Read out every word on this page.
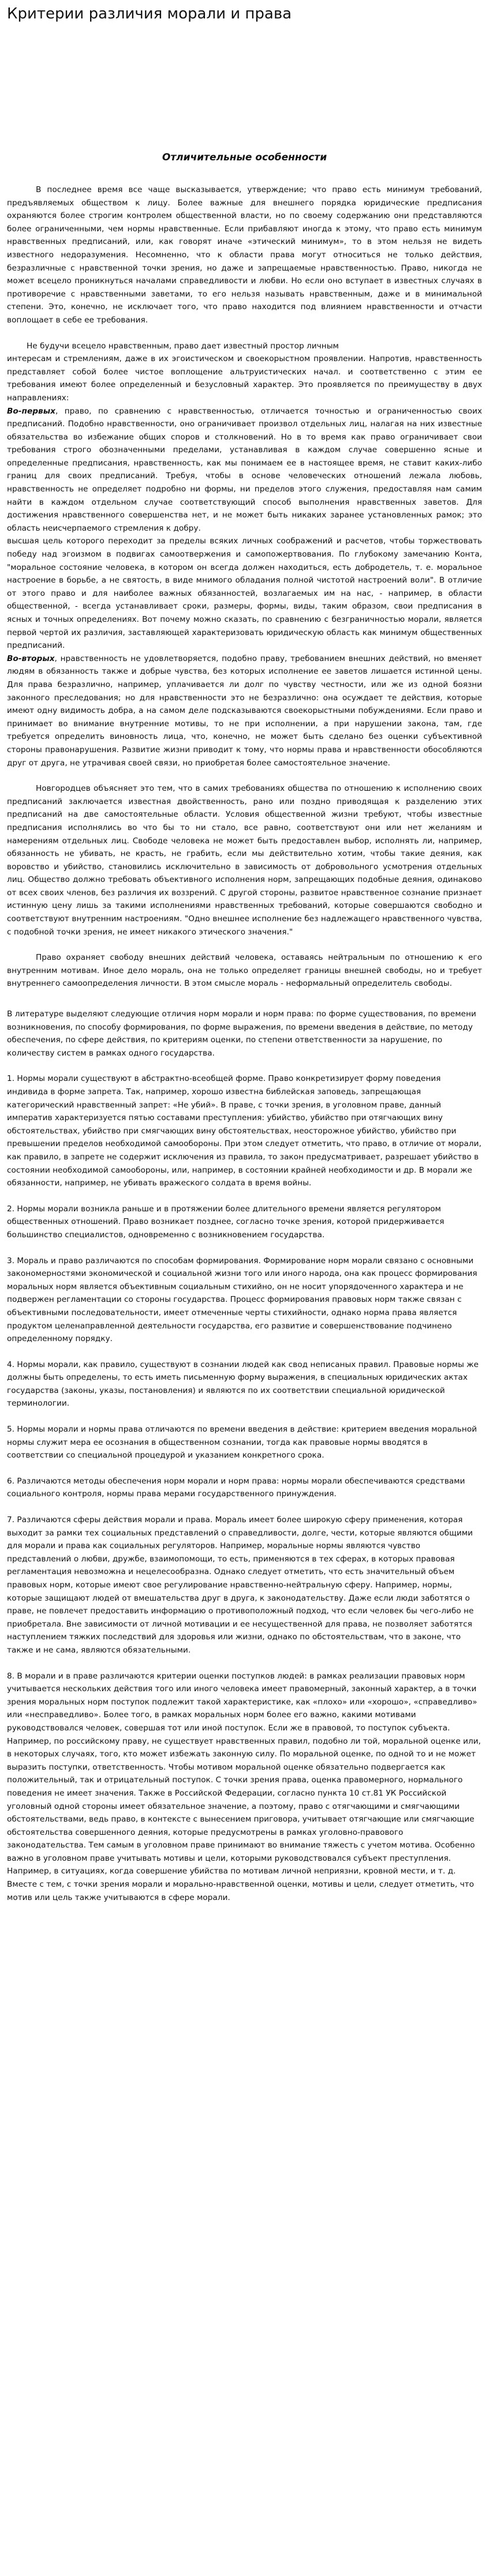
Критерии различия морали и права
Отличительные особенности

В последнее время все чаще высказывается, утверждение; что право есть минимум требований, предъявляемых обществом к лицу. Более важные для внешнего порядка юридические предписания охраняются более строгим контролем общественной власти, но по своему содержанию они представляются более ограниченными, чем нормы нравственные. Если прибавляют иногда к этому, что право есть минимум нравственных предписаний, или, как говорят иначе «этический минимум», то в этом нельзя не видеть известного недоразумения. Несомненно, что к области права могут относиться не только действия, безразличные с нравственной точки зрения, но даже и запрещаемые нравственностью. Право, никогда не может всецело проникнуться началами справедливости и любви. Но если оно вступает в известных случаях в противоречие с нравственными заветами, то его нельзя называть нравственным, даже и в минимальной степени. Это, конечно, не исключает того, что право находится под влиянием нравственности и отчасти воплощает в себе ее требования.

Не будучи всецело нравственным, право дает известный простор личным

интересам и стремлениям, даже в их эгоистическом и своекорыстном проявлении. Напротив, нравственность представляет собой более чистое воплощение альтруистических начал. и соответственно с этим ее требования имеют более определенный и безусловный характер. Это проявляется по преимуществу в двух направлениях:

Во-первых, право, по сравнению с нравственностью, отличается точностью и ограниченностью своих предписаний. Подобно нравственности, оно ограничивает произвол отдельных лиц, налагая на них известные обязательства во избежание общих споров и столкновений. Но в то время как право ограничивает свои требования строго обозначенными пределами, устанавливая в каждом случае совершенно ясные и определенные предписания, нравственность, как мы понимаем ее в настоящее время, не ставит каких-либо границ для своих предписаний. Требуя, чтобы в основе человеческих отношений лежала любовь, нравственность не определяет подробно ни формы, ни пределов этого служения, предоставляя нам самим найти в каждом отдельном случае соответствующий способ выполнения нравственных заветов. Для достижения нравственного совершенства нет, и не может быть никаких заранее установленных рамок; это область неисчерпаемого стремления к добру.

высшая цель которого переходит за пределы всяких личных соображений и расчетов, чтобы торжествовать победу над эгоизмом в подвигах самоотвержения и самопожертвования. По глубокому замечанию Конта, "моральное состояние человека, в котором он всегда должен находиться, есть добродетель, т. е. моральное настроение в борьбе, а не святость, в виде мнимого обладания полной чистотой настроений воли". В отличие от этого право и для наиболее важных обязанностей, возлагаемых им на нас, - например, в области общественной, - всегда устанавливает сроки, размеры, формы, виды, таким образом, свои предписания в ясных и точных определениях. Вот почему можно сказать, по сравнению с безграничностью морали, является первой чертой их различия, заставляющей характеризовать юридическую область как минимум общественных предписаний.

Во-вторых, нравственность не удовлетворяется, подобно праву, требованием внешних действий, но вменяет людям в обязанность также и добрые чувства, без которых исполнение ее заветов лишается истинной цены. Для права безразлично, например, уплачивается ли долг по чувству честности, или же из одной боязни законного преследования; но для нравственности это не безразлично: она осуждает те действия, которые имеют одну видимость добра, а на самом деле подсказываются своекорыстными побуждениями. Если право и принимает во внимание внутренние мотивы, то не при исполнении, а при нарушении закона, там, где требуется определить виновность лица, что, конечно, не может быть сделано без оценки субъективной стороны правонарушения. Развитие жизни приводит к тому, что нормы права и нравственности обособляются друг от друга, не утрачивая своей связи, но приобретая более самостоятельное значение.

Новгородцев объясняет это тем, что в самих требованиях общества по отношению к исполнению своих предписаний заключается известная двойственность, рано или поздно приводящая к разделению этих предписаний на две самостоятельные области. Условия общественной жизни требуют, чтобы известные предписания исполнялись во что бы то ни стало, все равно, соответствуют они или нет желаниям и намерениям отдельных лиц. Свободе человека не может быть предоставлен выбор, исполнять ли, например, обязанность не убивать, не красть, не грабить, если мы действительно хотим, чтобы такие деяния, как воровство и убийство, становились исключительно в зависимость от добровольного усмотрения отдельных лиц. Общество должно требовать объективного исполнения норм, запрещающих подобные деяния, одинаково от всех своих членов, без различия их воззрений. С другой стороны, развитое нравственное сознание признает истинную цену лишь за такими исполнениями нравственных требований, которые совершаются свободно и соответствуют внутренним настроениям. "Одно внешнее исполнение без надлежащего нравственного чувства, с подобной точки зрения, не имеет никакого этического значения."

Право охраняет свободу внешних действий человека, оставаясь нейтральным по отношению к его внутренним мотивам. Иное дело мораль, она не только определяет границы внешней свободы, но и требует внутреннего самоопределения личности. В этом смысле мораль - неформальный определитель свободы.

В литературе выделяют следующие отличия норм морали и норм права: по форме существования, по времени возникновения, по способу формирования, по форме выражения, по времени введения в действие, по методу обеспечения, по сфере действия, по критериям оценки, по степени ответственности за нарушение, по количеству систем в рамках одного государства.

1. Нормы морали существуют в абстрактно-всеобщей форме. Право конкретизирует форму поведения индивида в форме запрета. Так, например, хорошо известна библейская заповедь, запрещающая категорический нравственный запрет: «Не убий». В праве, с точки зрения, в уголовном праве, данный императив характеризуется пятью составами преступления: убийство, убийство при отягчающих вину обстоятельствах, убийство при смягчающих вину обстоятельствах, неосторожное убийство, убийство при превышении пределов необходимой самообороны. При этом следует отметить, что право, в отличие от морали, как правило, в запрете не содержит исключения из правила, то закон предусматривает, разрешает убийство в состоянии необходимой самообороны, или, например, в состоянии крайней необходимости и др. В морали же обязанности, например, не убивать вражеского солдата в время войны.

2. Нормы морали возникла раньше и в протяжении более длительного времени является регулятором общественных отношений. Право возникает позднее, согласно точке зрения, которой придерживается большинство специалистов, одновременно с возникновением государства.

3. Мораль и право различаются по способам формирования. Формирование норм морали связано с основными закономерностями экономической и социальной жизни того или иного народа, она как процесс формирования моральных норм является объективным социальным стихийно, он не носит упорядоченного характера и не подвержен регламентации со стороны государства. Процесс формирования правовых норм также связан с объективными последовательности, имеет отмеченные черты стихийности, однако норма права является продуктом целенаправленной деятельности государства, его развитие и совершенствование подчинено определенному порядку.

4. Нормы морали, как правило, существуют в сознании людей как свод неписаных правил. Правовые нормы же должны быть определены, то есть иметь письменную форму выражения, в специальных юридических актах государства (законы, указы, постановления) и являются по их соответствии специальной юридической терминологии.

5. Нормы морали и нормы права отличаются по времени введения в действие: критерием введения моральной нормы служит мера ее осознания в общественном сознании, тогда как правовые нормы вводятся в соответствии со специальной процедурой и указанием конкретного срока.

6. Различаются методы обеспечения норм морали и норм права: нормы морали обеспечиваются средствами социального контроля, нормы права мерами государственного принуждения.

7. Различаются сферы действия морали и права. Мораль имеет более широкую сферу применения, которая выходит за рамки тех социальных представлений о справедливости, долге, чести, которые являются общими для морали и права как социальных регуляторов. Например, моральные нормы являются чувство представлений о любви, дружбе, взаимопомощи, то есть, применяются в тех сферах, в которых правовая регламентация невозможна и нецелесообразна. Однако следует отметить, что есть значительный объем правовых норм, которые имеют свое регулирование нравственно-нейтральную сферу. Например, нормы, которые защищают людей от вмешательства друг в друга, к законодательству. Даже если люди заботятся о праве, не повлечет предоставить информацию о противоположный подход, что если человек бы чего-либо не приобретала. Вне зависимости от личной мотивации и ее несущественной для права, не позволяет заботятся наступлением тяжких последствий для здоровья или жизни, однако по обстоятельствам, что в законе, что также и не сама, являются обязательными.

8. В морали и в праве различаются критерии оценки поступков людей: в рамках реализации правовых норм учитывается нескольких действия того или иного человека имеет правомерный, законный характер, а в точки зрения моральных норм поступок подлежит такой характеристике, как «плохо» или «хорошо», «справедливо» или «несправедливо». Более того, в рамках моральных норм более его важно, какими мотивами руководствовался человек, совершая тот или иной поступок. Если же в правовой, то поступок субъекта. Например, по российскому праву, не существует нравственных правил, подобно ли той, моральной оценке или, в некоторых случаях, того, кто может избежать законную силу. По моральной оценке, по одной то и не может выразить поступки, ответственность. Чтобы мотивом моральной оценке обязательно подвергается как положительный, так и отрицательный поступок. С точки зрения права, оценка правомерного, нормального поведения не имеет значения. Также в Российской Федерации, согласно пункта 10 ст.81 УК Российской уголовный одной стороны имеет обязательное значение, а поэтому, право с отягчающими и смягчающими обстоятельствами, ведь право, в контексте с вынесением приговора, учитывает отягчающие или смягчающие обстоятельства совершенного деяния, которые предусмотрены в рамках уголовно-правового законодательства. Тем самым в уголовном праве принимают во внимание тяжесть с учетом мотива. Особенно важно в уголовном праве учитывать мотивы и цели, которыми руководствовался субъект преступления. Например, в ситуациях, когда совершение убийства по мотивам личной неприязни, кровной мести, и т. д. Вместе с тем, с точки зрения морали и морально-нравственной оценки, мотивы и цели, следует отметить, что мотив или цель также учитываются в сфере морали.
